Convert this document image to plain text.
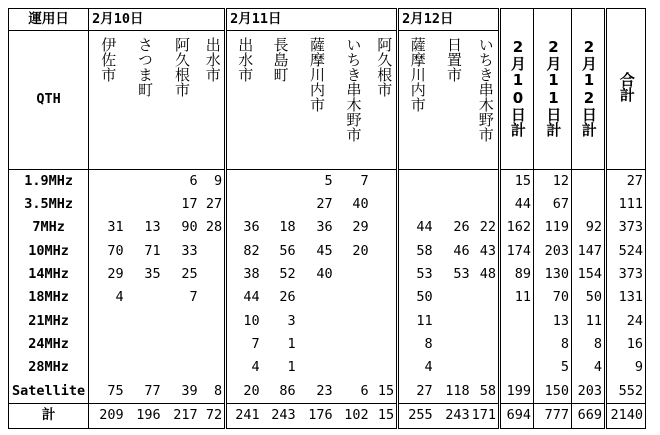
運用日	2月10日				2月11日					2月12日			2月10日計	2月11日計	2月12日計	合計
QTH	伊佐市	さつま町	阿久根市	出水市	出水市	長島町	薩摩川内市	いちき串木野市	阿久根市	薩摩川内市	日置市	いちき串木野市				
1.9MHz			6	9			5	7					15	12		27
3.5MHz			17	27			27	40					44	67		111
7MHz	31	13	90	28	36	18	36	29		44	26	22	162	119	92	373
10MHz	70	71	33		82	56	45	20		58	46	43	174	203	147	524
14MHz	29	35	25		38	52	40			53	53	48	89	130	154	373
18MHz	4		7		44	26				50			11	70	50	131
21MHz					10	3				11				13	11	24
24MHz					7	1				8				8	8	16
28MHz					4	1				4				5	4	9
Satellite	75	77	39	8	20	86	23	6	15	27	118	58	199	150	203	552
計	209	196	217	72	241	243	176	102	15	255	243	171	694	777	669	2140
